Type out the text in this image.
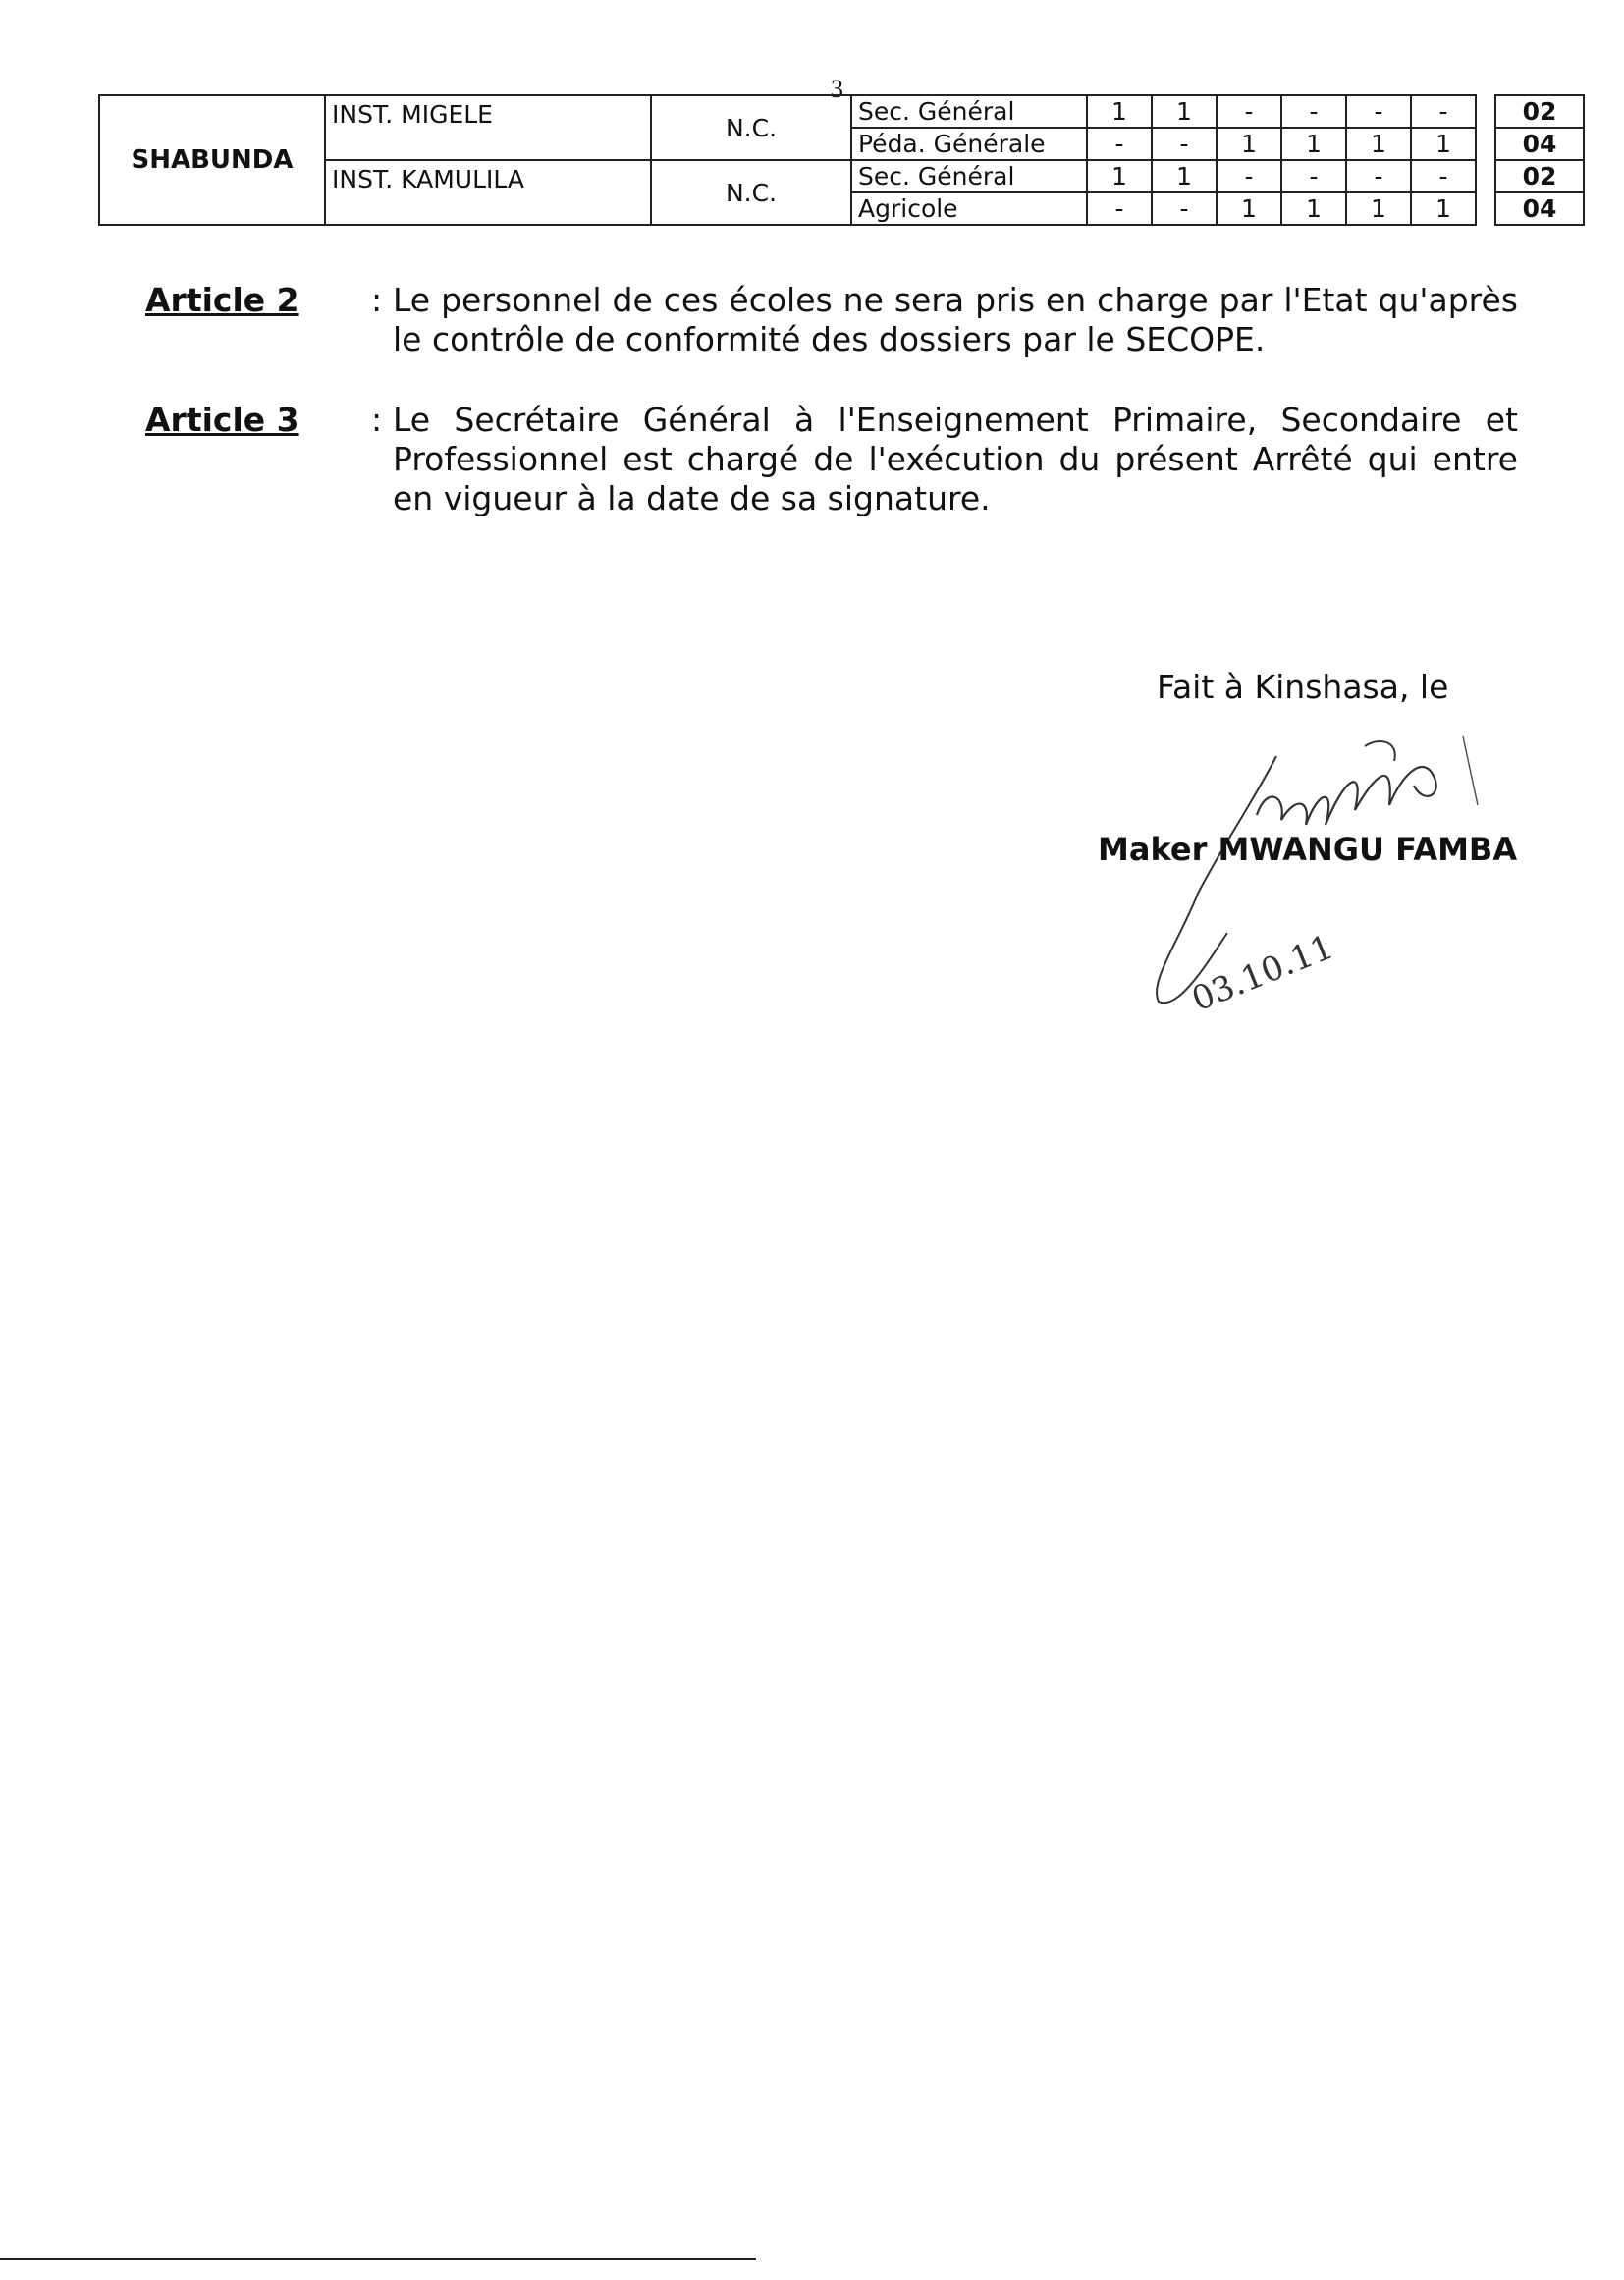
3
SHABUNDA	INST. MIGELE	N.C.	Sec. Général	1	1	-	-	-	-		02
			Péda. Générale	-	-	1	1	1	1		04
	INST. KAMULILA	N.C.	Sec. Général	1	1	-	-	-	-		02
			Agricole	-	-	1	1	1	1		04
Article 2 : Le personnel de ces écoles ne sera pris en charge par l'Etat qu'après le contrôle de conformité des dossiers par le SECOPE.
Article 3 : Le Secrétaire Général à l'Enseignement Primaire, Secondaire et Professionnel est chargé de l'exécution du présent Arrêté qui entre en vigueur à la date de sa signature.
Fait à Kinshasa, le
03.10.11
Maker MWANGU FAMBA
